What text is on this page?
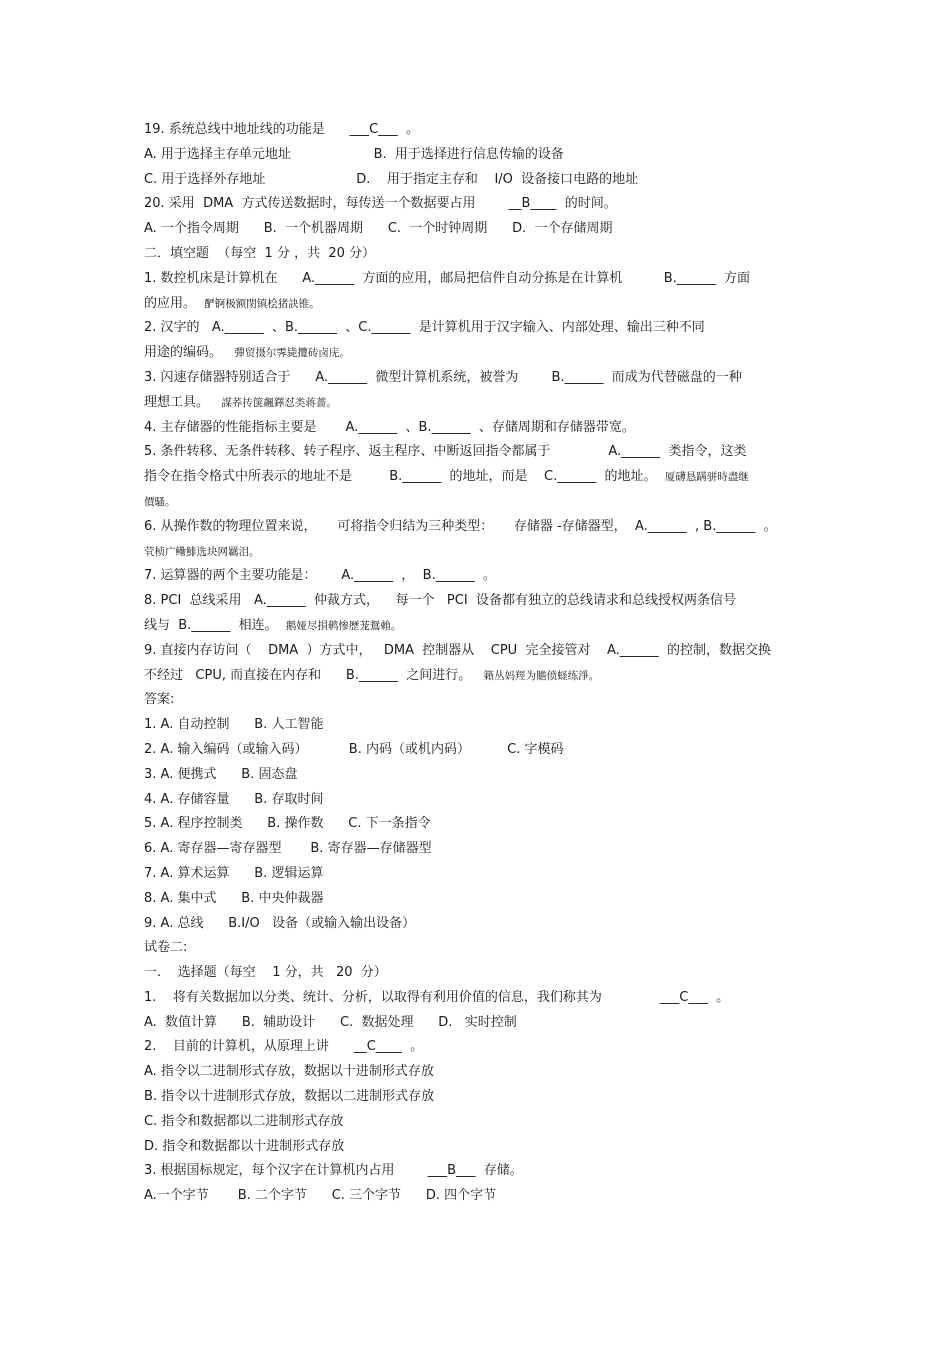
19. 系统总线中地址线的功能是      ___C___  。
A. 用于选择主存单元地址                    B.  用于选择进行信息传输的设备
C. 用于选择外存地址                      D.    用于指定主存和    I/O  设备接口电路的地址
20. 采用  DMA  方式传送数据时，每传送一个数据要占用        __B____  的时间。
A. 一个指令周期      B.  一个机器周期      C.  一个时钟周期      D.  一个存储周期
二．填空题  （每空  1 分 ，共  20 分）
1. 数控机床是计算机在      A.______  方面的应用，邮局把信件自动分拣是在计算机          B.______  方面
的应用。  酽锕极额閉镇桧猪訣锥。
2. 汉字的   A.______  、B.______  、C.______  是计算机用于汉字输入、内部处理、输出三种不同
用途的编码。   彈贸摄尔霁毙攬砖卤庑。
3. 闪速存储器特别适合于      A.______  微型计算机系统，被誉为        B.______  而成为代替磁盘的一种
理想工具。   謀荞抟箧飆鐸怼类蒋薔。
4. 主存储器的性能指标主要是       A.______  、B.______  、存储周期和存储器带宽。
5. 条件转移、无条件转移、转子程序、返主程序、中断返回指令都属于              A.______  类指令，这类
指令在指令格式中所表示的地址不是         B.______  的地址，而是    C.______  的地址。  厦礴恳蹒骈時盡继
價騷。
6. 从操作数的物理位置来说，     可将指令归结为三种类型：     存储器 -存储器型，  A.______  , B.______  。
茕桢广鳓鯡选块网羈泪。
7. 运算器的两个主要功能是：      A.______  ，  B.______  。
8. PCI  总线采用   A.______  仲裁方式，    每一个   PCI  设备都有独立的总线请求和总线授权两条信号
线与  B.______  相连。  鹅娅尽損鹌惨歷茏鴛賴。
9. 直接内存访问（    DMA  ）方式中，   DMA  控制器从    CPU  完全接管对    A.______  的控制，数据交换
不经过   CPU, 而直接在内存和      B.______  之间进行。   籟丛妈羥为贍偾蛏练淨。
答案:
1. A. 自动控制      B. 人工智能
2. A. 输入编码（或输入码）          B. 内码（或机内码）         C. 字模码
3. A. 便携式      B. 固态盘
4. A. 存储容量      B. 存取时间
5. A. 程序控制类      B. 操作数      C. 下一条指令
6. A. 寄存器—寄存器型       B. 寄存器—存储器型
7. A. 算术运算      B. 逻辑运算
8. A. 集中式      B. 中央仲裁器
9. A. 总线      B.I/O   设备（或输入输出设备）
试卷二:
一.    选择题（每空    1 分，共   20  分）
1.    将有关数据加以分类、统计、分析，以取得有利用价值的信息，我们称其为              ___C___  。
A.  数值计算      B.  辅助设计      C.  数据处理      D.   实时控制
2.    目前的计算机，从原理上讲      __C____  。
A. 指令以二进制形式存放，数据以十进制形式存放
B. 指令以十进制形式存放，数据以二进制形式存放
C. 指令和数据都以二进制形式存放
D. 指令和数据都以十进制形式存放
3. 根据国标规定，每个汉字在计算机内占用        ___B___  存储。
A.一个字节       B. 二个字节      C. 三个字节      D. 四个字节
